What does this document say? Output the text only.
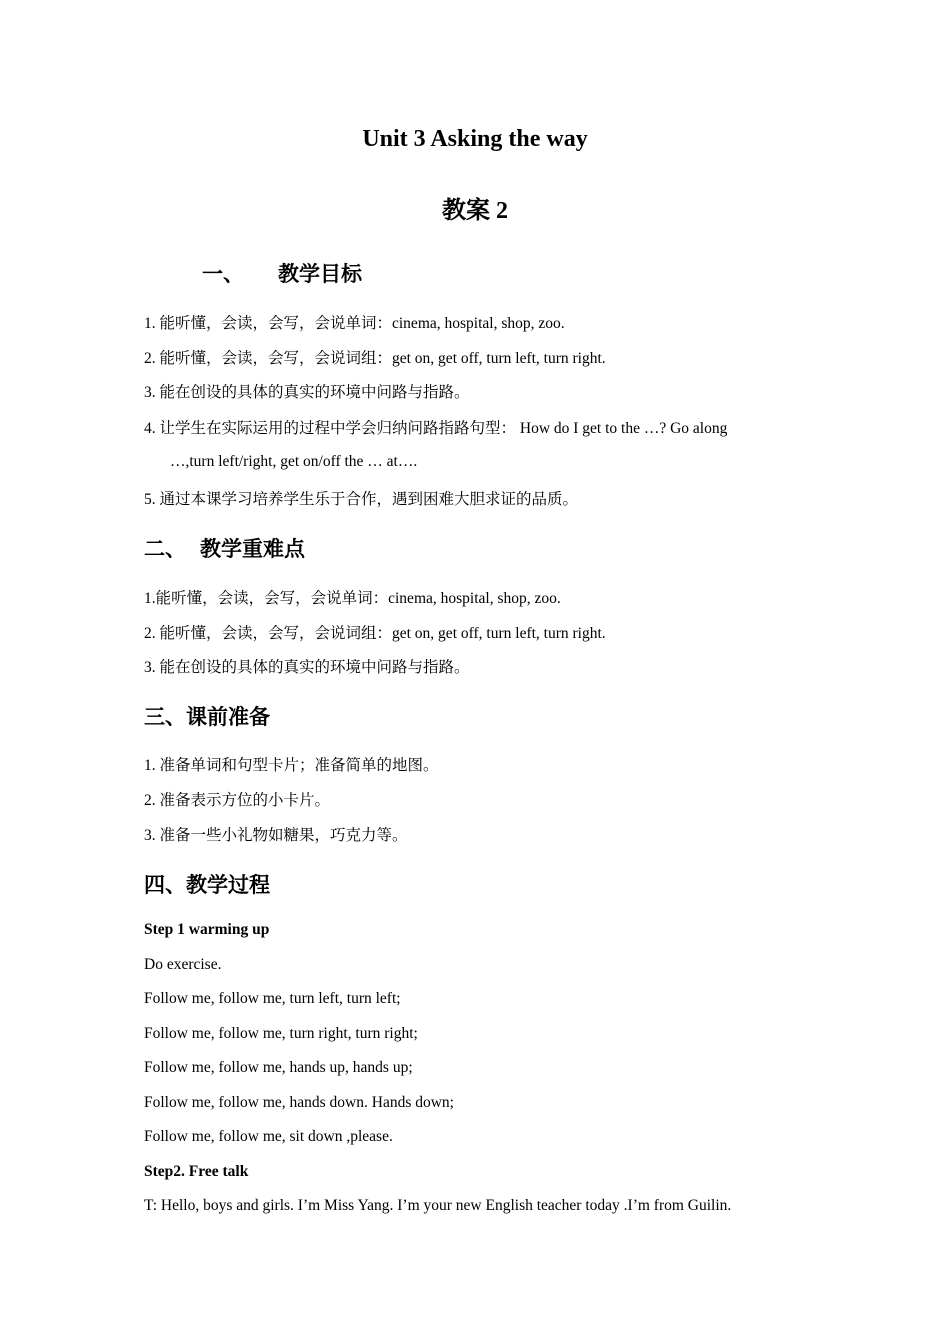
Unit 3 Asking the way
教案 2
一、 教学目标

1. 能听懂，会读，会写，会说单词：cinema, hospital, shop, zoo.

2. 能听懂，会读，会写，会说词组：get on, get off, turn left, turn right.

3. 能在创设的具体的真实的环境中问路与指路。

4. 让学生在实际运用的过程中学会归纳问路指路句型： How do I get to the …? Go along

…,turn left/right, get on/off the … at….

5. 通过本课学习培养学生乐于合作，遇到困难大胆求证的品质。

二、 教学重难点

1.能听懂，会读，会写，会说单词：cinema, hospital, shop, zoo.

2. 能听懂，会读，会写，会说词组：get on, get off, turn left, turn right.

3. 能在创设的具体的真实的环境中问路与指路。

三、课前准备

1. 准备单词和句型卡片；准备简单的地图。

2. 准备表示方位的小卡片。

3. 准备一些小礼物如糖果，巧克力等。

四、教学过程

Step 1 warming up

Do exercise.

Follow me, follow me, turn left, turn left;

Follow me, follow me, turn right, turn right;

Follow me, follow me, hands up, hands up;

Follow me, follow me, hands down. Hands down;

Follow me, follow me, sit down ,please.

Step2. Free talk

T: Hello, boys and girls. I’m Miss Yang. I’m your new English teacher today .I’m from Guilin.
